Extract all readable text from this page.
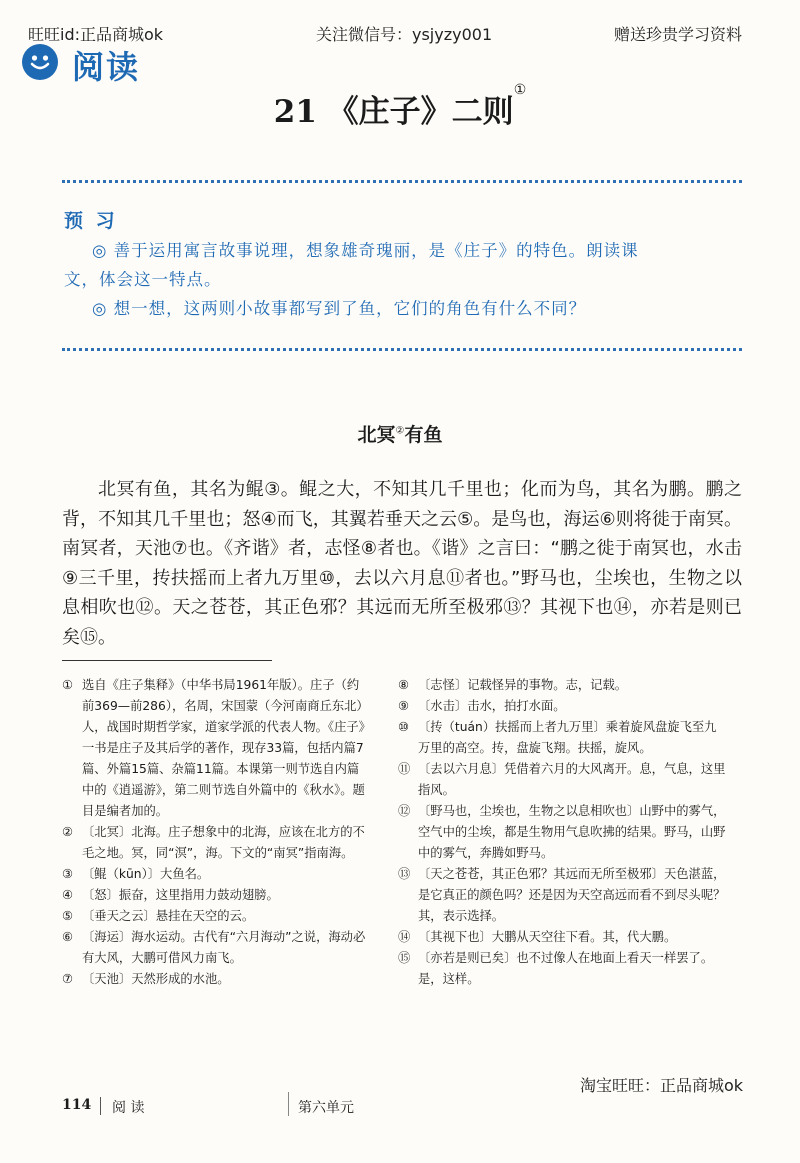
旺旺id:正品商城ok	关注微信号：ysjyzy001	赠送珍贵学习资料
阅读
21 《庄子》二则①
预 习
◎ 善于运用寓言故事说理，想象雄奇瑰丽，是《庄子》的特色。朗读课
文，体会这一特点。
◎ 想一想，这两则小故事都写到了鱼，它们的角色有什么不同？
北冥②有鱼

北冥有鱼，其名为鲲③。鲲之大，不知其几千里也；化而为鸟，其名为鹏。鹏之背，不知其几千里也；怒④而飞，其翼若垂天之云⑤。是鸟也，海运⑥则将徙于南冥。南冥者，天池⑦也。《齐谐》者，志怪⑧者也。《谐》之言曰：“鹏之徙于南冥也，水击⑨三千里，抟扶摇而上者九万里⑩，去以六月息⑪者也。”野马也，尘埃也，生物之以息相吹也⑫。天之苍苍，其正色邪？其远而无所至极邪⑬？其视下也⑭，亦若是则已矣⑮。

① 选自《庄子集释》（中华书局1961年版）。庄子（约前369—前286），名周，宋国蒙（今河南商丘东北）人，战国时期哲学家，道家学派的代表人物。《庄子》一书是庄子及其后学的著作，现存33篇，包括内篇7篇、外篇15篇、杂篇11篇。本课第一则节选自内篇中的《逍遥游》，第二则节选自外篇中的《秋水》。题目是编者加的。
② 〔北冥〕北海。庄子想象中的北海，应该在北方的不毛之地。冥，同“溟”，海。下文的“南冥”指南海。
③ 〔鲲（kūn）〕大鱼名。
④ 〔怒〕振奋，这里指用力鼓动翅膀。
⑤ 〔垂天之云〕悬挂在天空的云。
⑥ 〔海运〕海水运动。古代有“六月海动”之说，海动必有大风，大鹏可借风力南飞。
⑦ 〔天池〕天然形成的水池。
⑧ 〔志怪〕记载怪异的事物。志，记载。
⑨ 〔水击〕击水，拍打水面。
⑩ 〔抟（tuán）扶摇而上者九万里〕乘着旋风盘旋飞至九万里的高空。抟，盘旋飞翔。扶摇，旋风。
⑪ 〔去以六月息〕凭借着六月的大风离开。息，气息，这里指风。
⑫ 〔野马也，尘埃也，生物之以息相吹也〕山野中的雾气，空气中的尘埃，都是生物用气息吹拂的结果。野马，山野中的雾气，奔腾如野马。
⑬ 〔天之苍苍，其正色邪？其远而无所至极邪〕天色湛蓝，是它真正的颜色吗？还是因为天空高远而看不到尽头呢？其，表示选择。
⑭ 〔其视下也〕大鹏从天空往下看。其，代大鹏。
⑮ 〔亦若是则已矣〕也不过像人在地面上看天一样罢了。是，这样。
淘宝旺旺：正品商城ok
114 阅 读	第六单元
